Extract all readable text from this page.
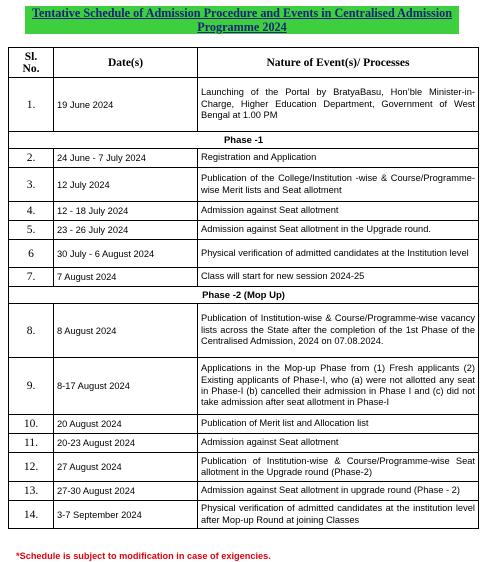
Tentative Schedule of Admission Procedure and Events in Centralised Admission Programme 2024
Sl. No.	Date(s)	Nature of Event(s)/ Processes
1.	19 June 2024	Launching of the Portal by BratyaBasu, Hon’ble Minister-in-Charge, Higher Education Department, Government of West Bengal at 1.00 PM
Phase -1		
2.	24 June - 7 July 2024	Registration and Application
3.	12 July 2024	Publication of the College/Institution -wise & Course/Programme-wise Merit lists and Seat allotment
4.	12 - 18 July 2024	Admission against Seat allotment
5.	23 - 26 July 2024	Admission against Seat allotment in the Upgrade round.
6	30 July - 6 August 2024	Physical verification of admitted candidates at the Institution level
7.	7 August 2024	Class will start for new session 2024-25
Phase -2 (Mop Up)		
8.	8 August 2024	Publication of Institution-wise & Course/Programme-wise vacancy lists across the State after the completion of the 1st Phase of the Centralised Admission, 2024 on 07.08.2024.
9.	8-17 August 2024	Applications in the Mop-up Phase from (1) Fresh applicants (2) Existing applicants of Phase-I, who (a) were not allotted any seat in Phase-I (b) cancelled their admission in Phase I and (c) did not take admission after seat allotment in Phase-I
10.	20 August 2024	Publication of Merit list and Allocation list
11.	20-23 August 2024	Admission against Seat allotment
12.	27 August 2024	Publication of Institution-wise & Course/Programme-wise Seat allotment in the Upgrade round (Phase-2)
13.	27-30 August 2024	Admission against Seat allotment in upgrade round (Phase - 2)
14.	3-7 September 2024	Physical verification of admitted candidates at the institution level after Mop-up Round at joining Classes
*Schedule is subject to modification in case of exigencies.
